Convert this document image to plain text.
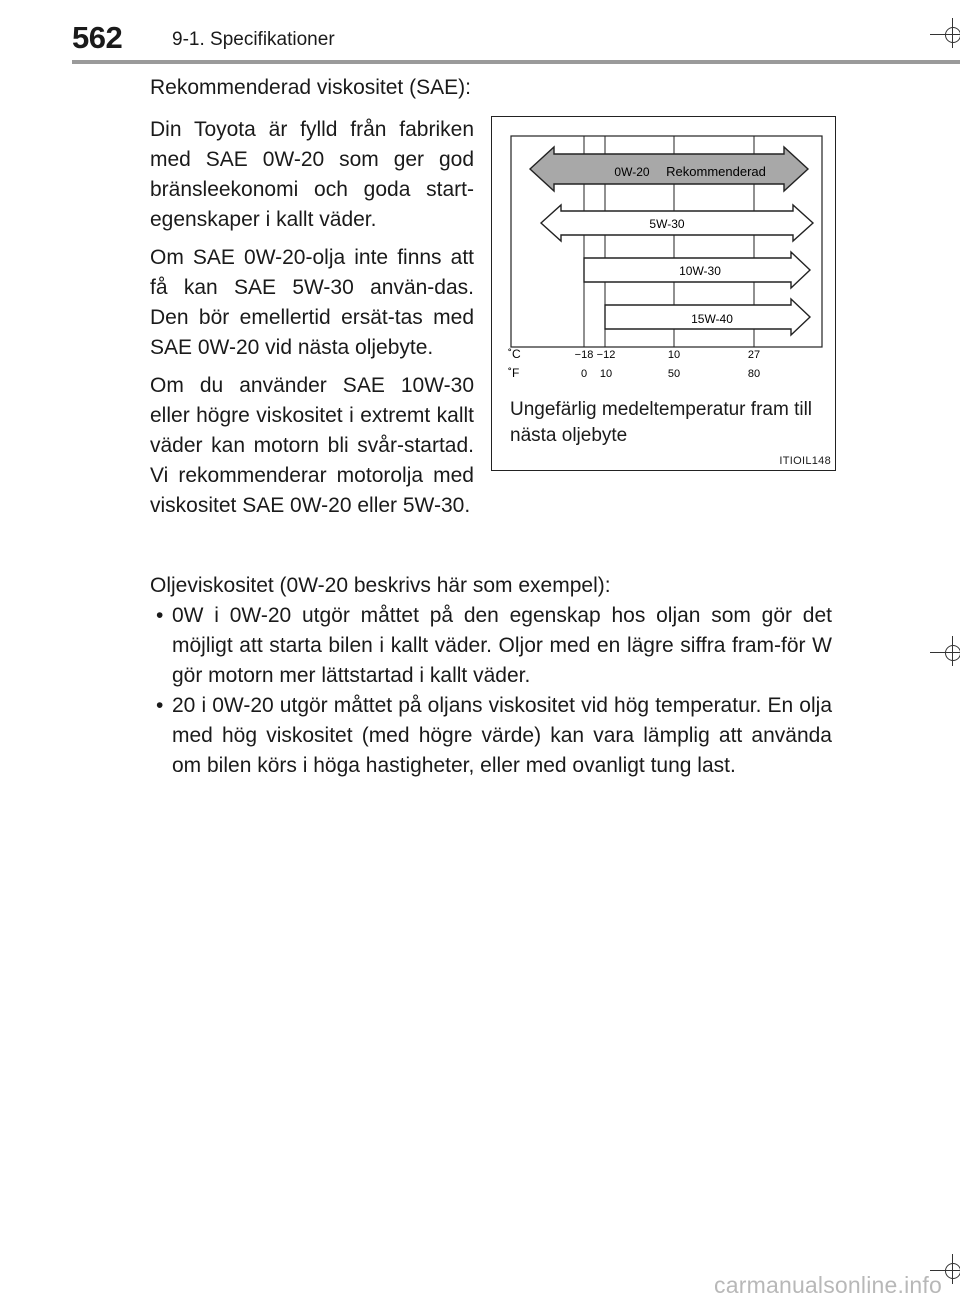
562	9-1. Specifikationer
Rekommenderad viskositet (SAE):

Din Toyota är fylld från fabriken med SAE 0W-20 som ger god bränsleekonomi och goda start-egenskaper i kallt väder.

Om SAE 0W-20-olja inte finns att få kan SAE 5W-30 använ-das. Den bör emellertid ersät-tas med SAE 0W-20 vid nästa oljebyte.

Om du använder SAE 10W-30 eller högre viskositet i extremt kallt väder kan motorn bli svår-startad. Vi rekommenderar motorolja med viskositet SAE 0W-20 eller 5W-30.

0W-20 Rekommenderad
5W-30
10W-30
15W-40
˚C	−18 −12	10	27
˚F	0 10	50	80
Ungefärlig medeltemperatur fram till nästa oljebyte
ITIOIL148

Oljeviskositet (0W-20 beskrivs här som exempel):

• 0W i 0W-20 utgör måttet på den egenskap hos oljan som gör det möjligt att starta bilen i kallt väder. Oljor med en lägre siffra fram-för W gör motorn mer lättstartad i kallt väder.
• 20 i 0W-20 utgör måttet på oljans viskositet vid hög temperatur. En olja med hög viskositet (med högre värde) kan vara lämplig att använda om bilen körs i höga hastigheter, eller med ovanligt tung last.
carmanualsonline.info
